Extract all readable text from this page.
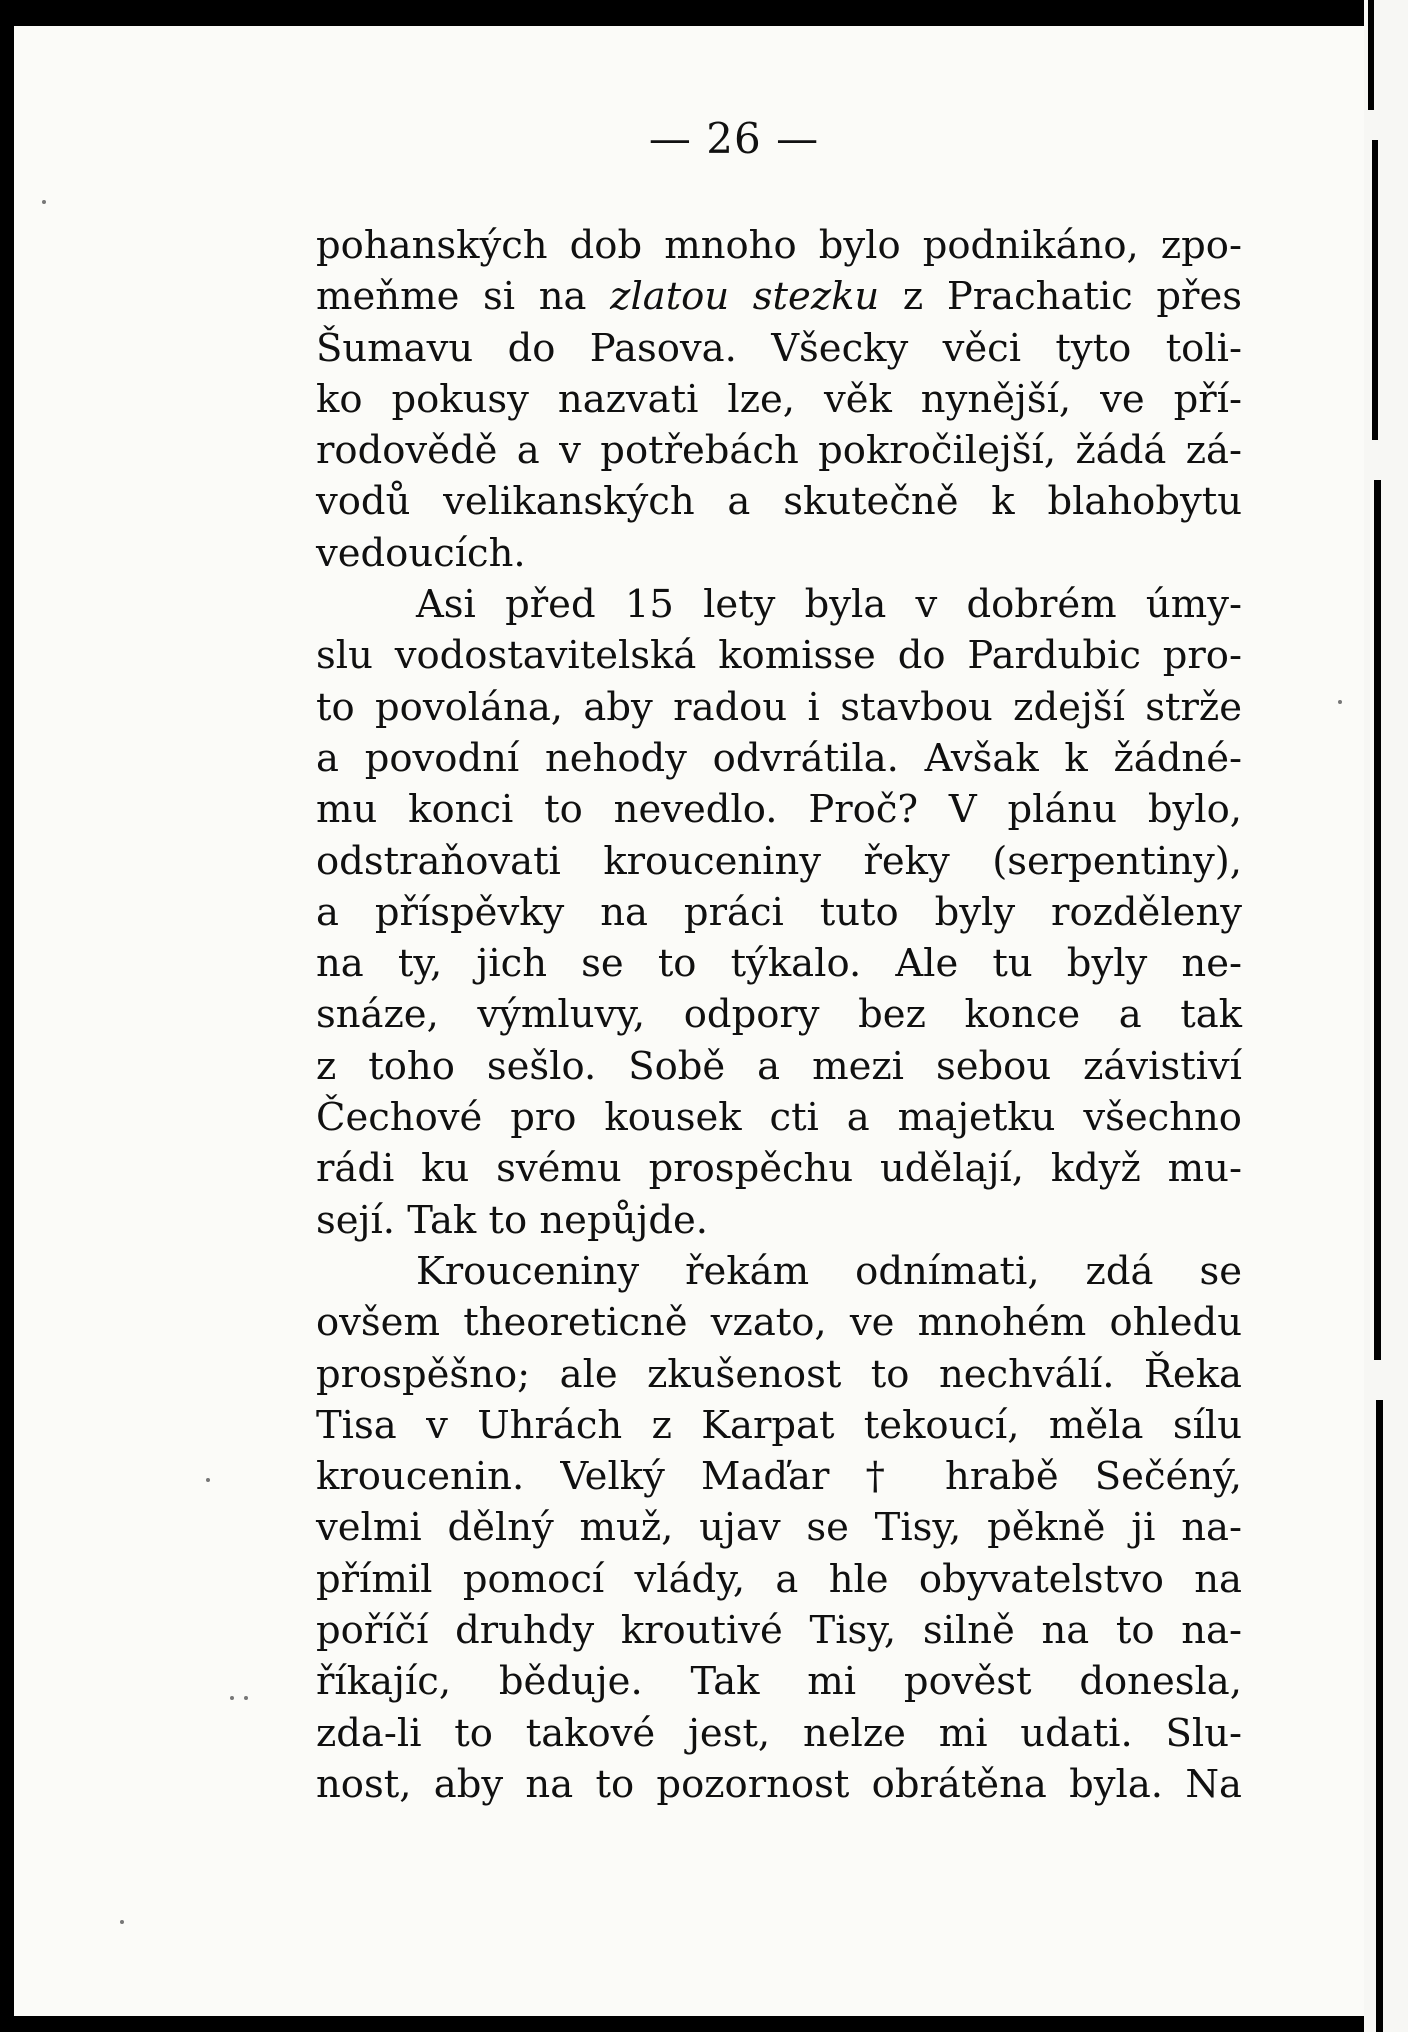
— 26 —
pohanských dob mnoho bylo podnikáno, zpo-
meňme si na zlatou stezku z Prachatic přes
Šumavu do Pasova. Všecky věci tyto toli-
ko pokusy nazvati lze, věk nynější, ve pří-
rodovědě a v potřebách pokročilejší, žádá zá-
vodů velikanských a skutečně k blahobytu
vedoucích.
Asi před 15 lety byla v dobrém úmy-
slu vodostavitelská komisse do Pardubic pro-
to povolána, aby radou i stavbou zdejší strže
a povodní nehody odvrátila. Avšak k žádné-
mu konci to nevedlo. Proč? V plánu bylo,
odstraňovati krouceniny řeky (serpentiny),
a příspěvky na práci tuto byly rozděleny
na ty, jich se to týkalo. Ale tu byly ne-
snáze, výmluvy, odpory bez konce a tak
z toho sešlo. Sobě a mezi sebou závistiví
Čechové pro kousek cti a majetku všechno
rádi ku svému prospěchu udělají, když mu-
sejí. Tak to nepůjde.
Krouceniny řekám odnímati, zdá se
ovšem theoreticně vzato, ve mnohém ohledu
prospěšno; ale zkušenost to nechválí. Řeka
Tisa v Uhrách z Karpat tekoucí, měla sílu
kroucenin. Velký Maďar † hrabě Sečéný,
velmi dělný muž, ujav se Tisy, pěkně ji na-
přímil pomocí vlády, a hle obyvatelstvo na
poříčí druhdy kroutivé Tisy, silně na to na-
říkajíc, běduje. Tak mi pověst donesla,
zda-li to takové jest, nelze mi udati. Slu-
nost, aby na to pozornost obrátěna byla. Na
